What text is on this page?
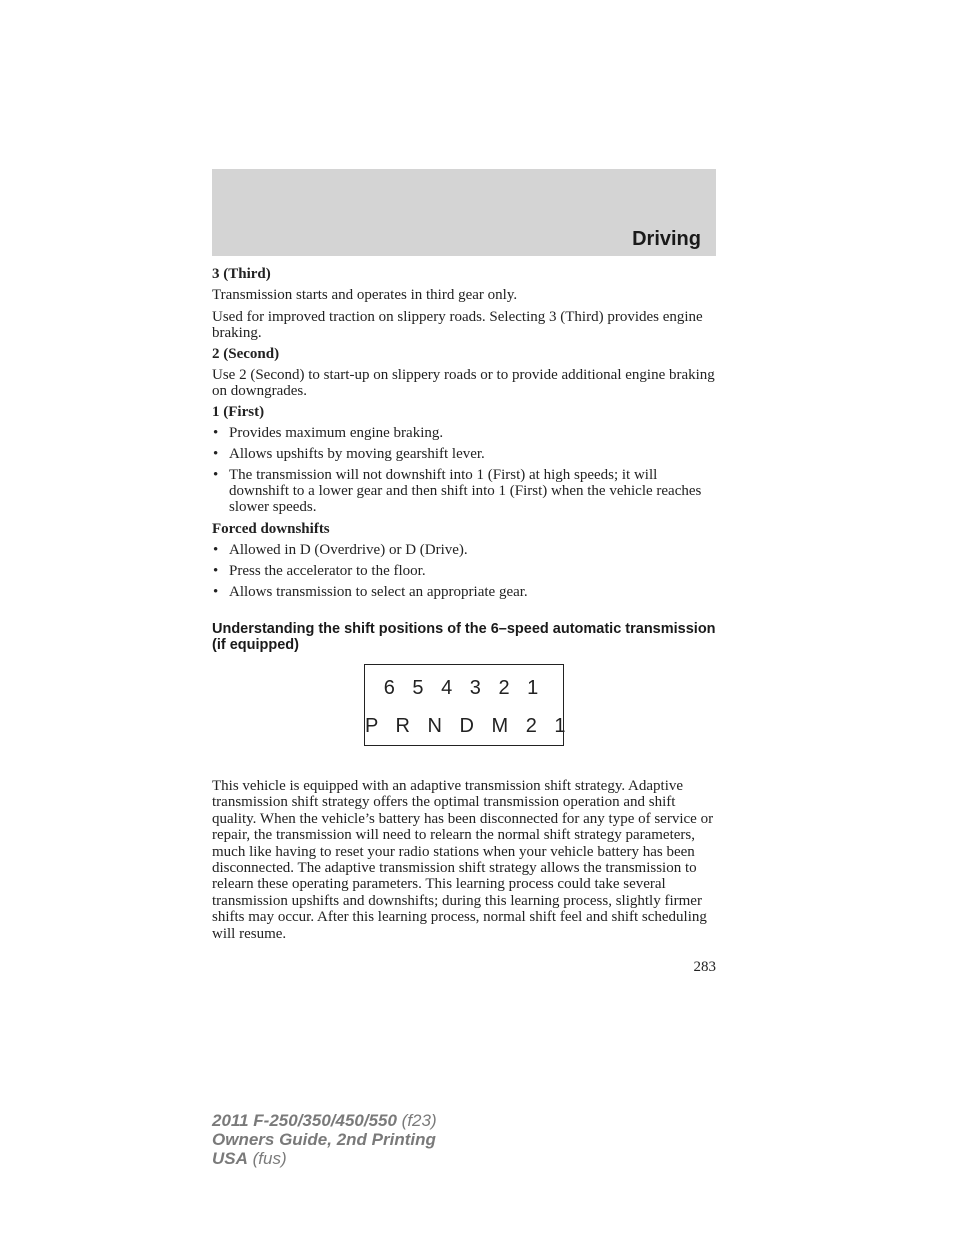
Driving

3 (Third)

Transmission starts and operates in third gear only.

Used for improved traction on slippery roads. Selecting 3 (Third) provides engine braking.

2 (Second)

Use 2 (Second) to start-up on slippery roads or to provide additional engine braking on downgrades.

1 (First)

• Provides maximum engine braking.
• Allows upshifts by moving gearshift lever.
• The transmission will not downshift into 1 (First) at high speeds; it will downshift to a lower gear and then shift into 1 (First) when the vehicle reaches slower speeds.

Forced downshifts

• Allowed in D (Overdrive) or D (Drive).
• Press the accelerator to the floor.
• Allows transmission to select an appropriate gear.

Understanding the shift positions of the 6–speed automatic transmission (if equipped)

6 5 4 3 2 1
P R N D M 2 1

This vehicle is equipped with an adaptive transmission shift strategy. Adaptive transmission shift strategy offers the optimal transmission operation and shift quality. When the vehicle’s battery has been disconnected for any type of service or repair, the transmission will need to relearn the normal shift strategy parameters, much like having to reset your radio stations when your vehicle battery has been disconnected. The adaptive transmission shift strategy allows the transmission to relearn these operating parameters. This learning process could take several transmission upshifts and downshifts; during this learning process, slightly firmer shifts may occur. After this learning process, normal shift feel and shift scheduling will resume.

283

2011 F-250/350/450/550 (f23)
Owners Guide, 2nd Printing
USA (fus)
